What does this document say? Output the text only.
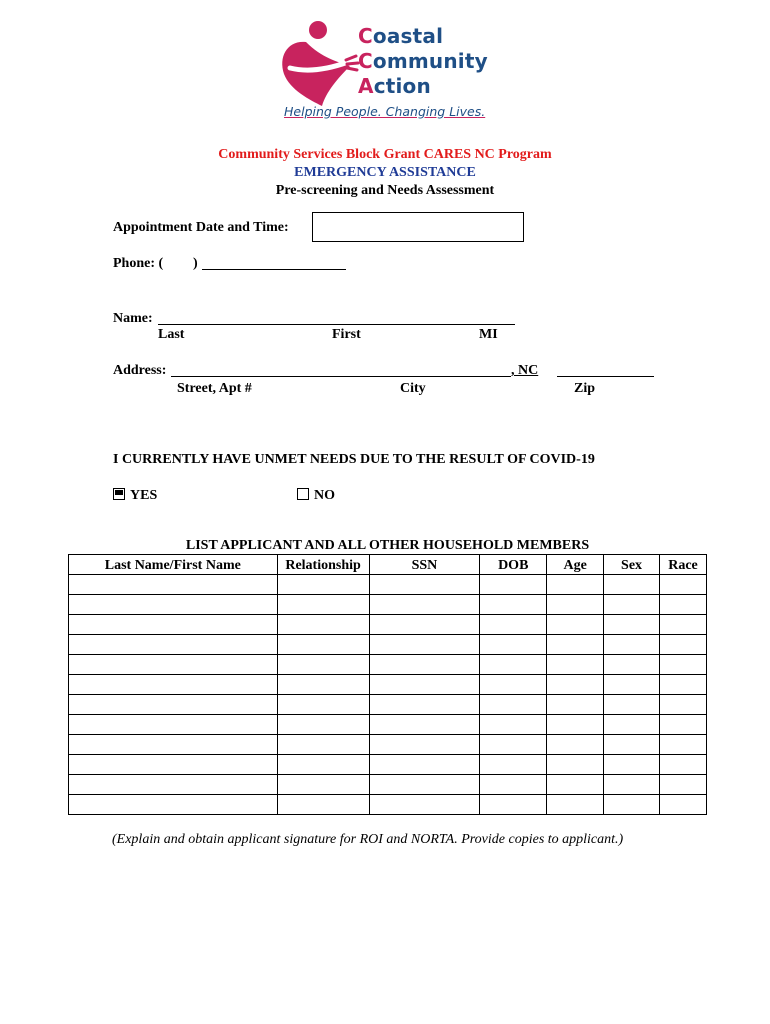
Coastal
Community
Action
Helping People. Changing Lives.
Community Services Block Grant CARES NC Program
EMERGENCY ASSISTANCE
Pre-screening and Needs Assessment
Appointment Date and Time:
Phone: ( )
Name:
Last	First	MI
Address:	, NC
Street, Apt #	City	Zip
I CURRENTLY HAVE UNMET NEEDS DUE TO THE RESULT OF COVID-19
YES	NO
LIST APPLICANT AND ALL OTHER HOUSEHOLD MEMBERS
Last Name/First Name	Relationship	SSN	DOB	Age	Sex	Race

(Explain and obtain applicant signature for ROI and NORTA. Provide copies to applicant.)
